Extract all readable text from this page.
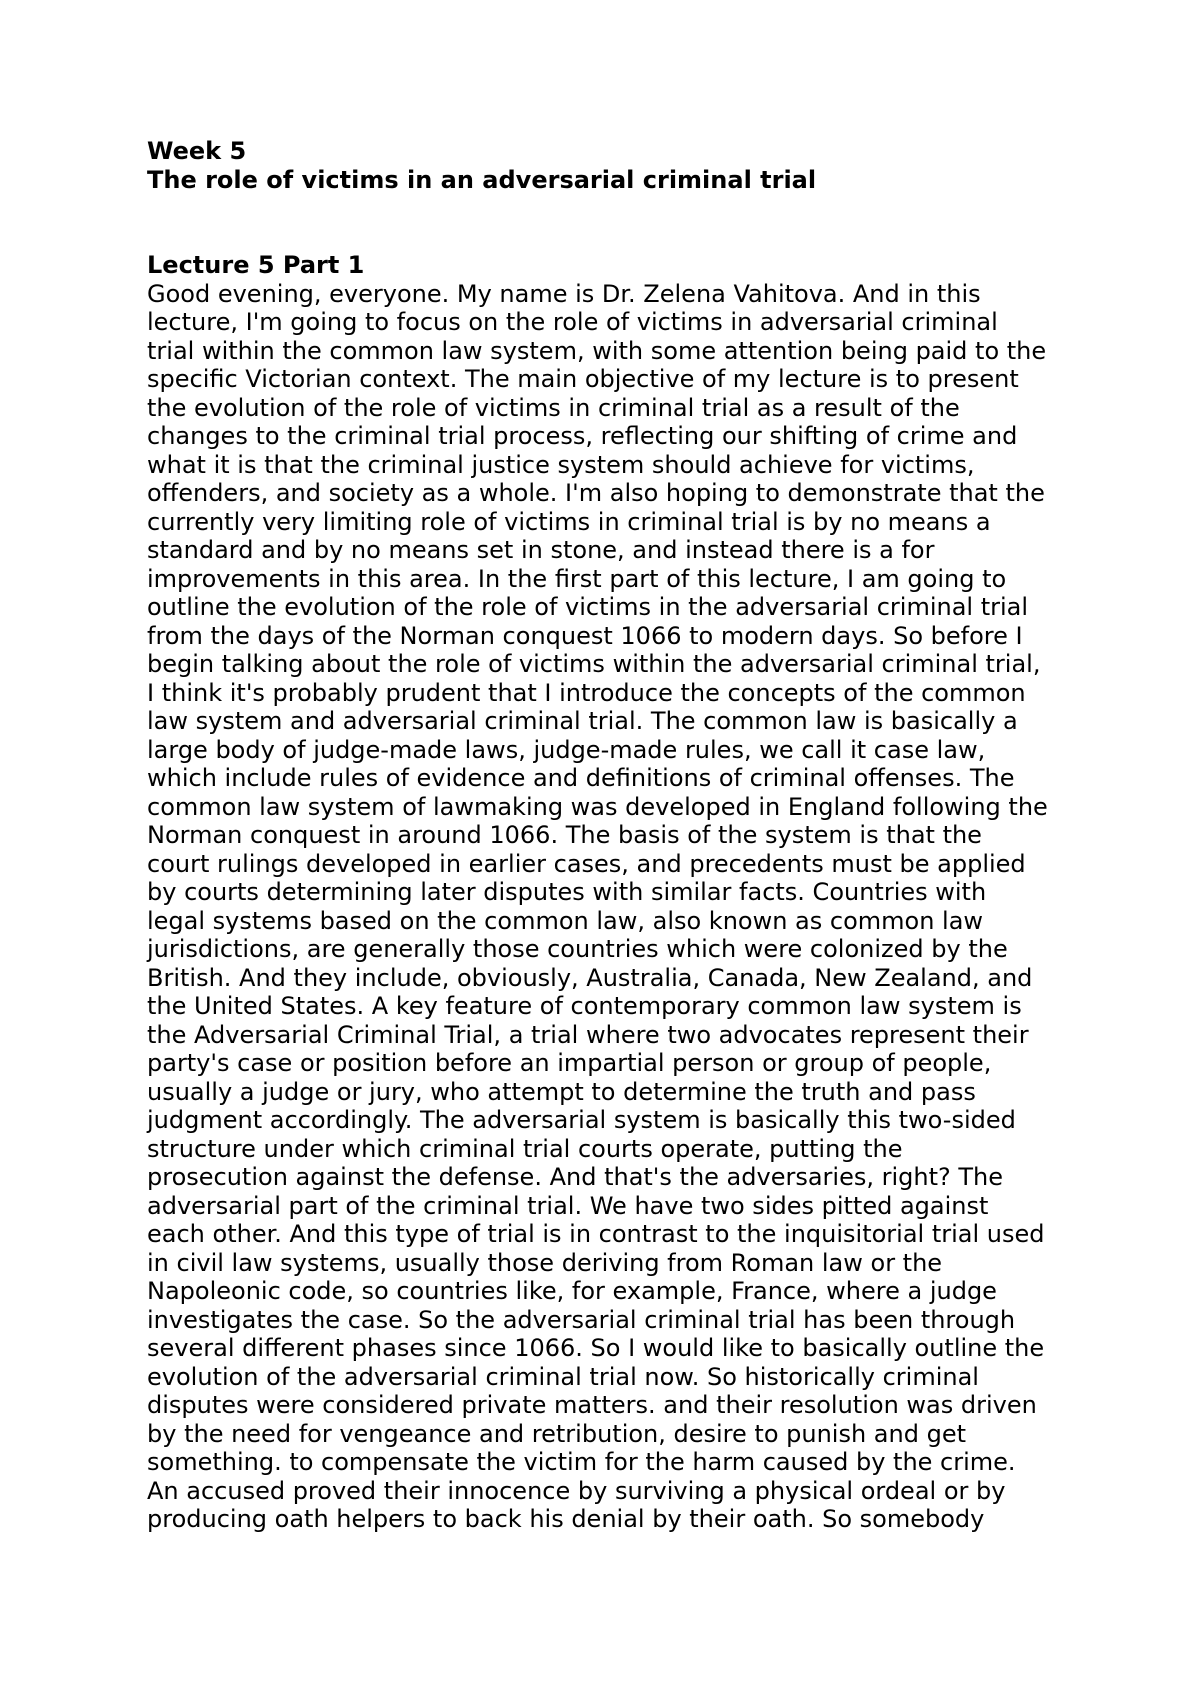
Week 5
The role of victims in an adversarial criminal trial
Lecture 5 Part 1
Good evening, everyone. My name is Dr. Zelena Vahitova. And in this
lecture, I'm going to focus on the role of victims in adversarial criminal
trial within the common law system, with some attention being paid to the
specific Victorian context. The main objective of my lecture is to present
the evolution of the role of victims in criminal trial as a result of the
changes to the criminal trial process, reflecting our shifting of crime and
what it is that the criminal justice system should achieve for victims,
offenders, and society as a whole. I'm also hoping to demonstrate that the
currently very limiting role of victims in criminal trial is by no means a
standard and by no means set in stone, and instead there is a for
improvements in this area. In the first part of this lecture, I am going to
outline the evolution of the role of victims in the adversarial criminal trial
from the days of the Norman conquest 1066 to modern days. So before I
begin talking about the role of victims within the adversarial criminal trial,
I think it's probably prudent that I introduce the concepts of the common
law system and adversarial criminal trial. The common law is basically a
large body of judge-made laws, judge-made rules, we call it case law,
which include rules of evidence and definitions of criminal offenses. The
common law system of lawmaking was developed in England following the
Norman conquest in around 1066. The basis of the system is that the
court rulings developed in earlier cases, and precedents must be applied
by courts determining later disputes with similar facts. Countries with
legal systems based on the common law, also known as common law
jurisdictions, are generally those countries which were colonized by the
British. And they include, obviously, Australia, Canada, New Zealand, and
the United States. A key feature of contemporary common law system is
the Adversarial Criminal Trial, a trial where two advocates represent their
party's case or position before an impartial person or group of people,
usually a judge or jury, who attempt to determine the truth and pass
judgment accordingly. The adversarial system is basically this two-sided
structure under which criminal trial courts operate, putting the
prosecution against the defense. And that's the adversaries, right? The
adversarial part of the criminal trial. We have two sides pitted against
each other. And this type of trial is in contrast to the inquisitorial trial used
in civil law systems, usually those deriving from Roman law or the
Napoleonic code, so countries like, for example, France, where a judge
investigates the case. So the adversarial criminal trial has been through
several different phases since 1066. So I would like to basically outline the
evolution of the adversarial criminal trial now. So historically criminal
disputes were considered private matters. and their resolution was driven
by the need for vengeance and retribution, desire to punish and get
something. to compensate the victim for the harm caused by the crime.
An accused proved their innocence by surviving a physical ordeal or by
producing oath helpers to back his denial by their oath. So somebody
